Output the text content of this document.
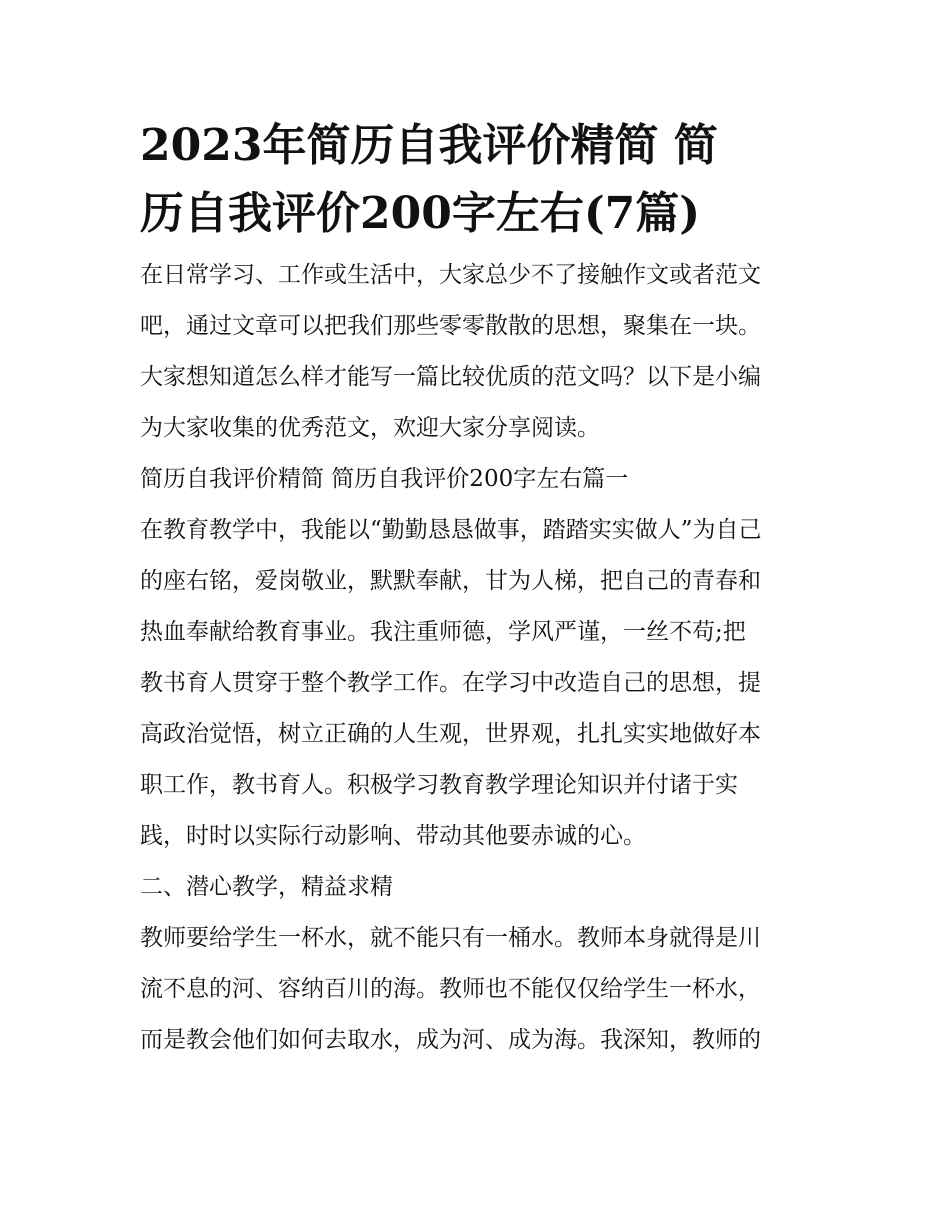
2023年简历自我评价精简 简

历自我评价200字左右(7篇)

在日常学习、工作或生活中，大家总少不了接触作文或者范文

吧，通过文章可以把我们那些零零散散的思想，聚集在一块。

大家想知道怎么样才能写一篇比较优质的范文吗？以下是小编

为大家收集的优秀范文，欢迎大家分享阅读。

简历自我评价精简 简历自我评价200字左右篇一

在教育教学中，我能以“勤勤恳恳做事，踏踏实实做人”为自己

的座右铭，爱岗敬业，默默奉献，甘为人梯，把自己的青春和

热血奉献给教育事业。我注重师德，学风严谨，一丝不苟;把

教书育人贯穿于整个教学工作。在学习中改造自己的思想，提

高政治觉悟，树立正确的人生观，世界观，扎扎实实地做好本

职工作，教书育人。积极学习教育教学理论知识并付诸于实

践，时时以实际行动影响、带动其他要赤诚的心。

二、潜心教学，精益求精

教师要给学生一杯水，就不能只有一桶水。教师本身就得是川

流不息的河、容纳百川的海。教师也不能仅仅给学生一杯水，

而是教会他们如何去取水，成为河、成为海。我深知，教师的
